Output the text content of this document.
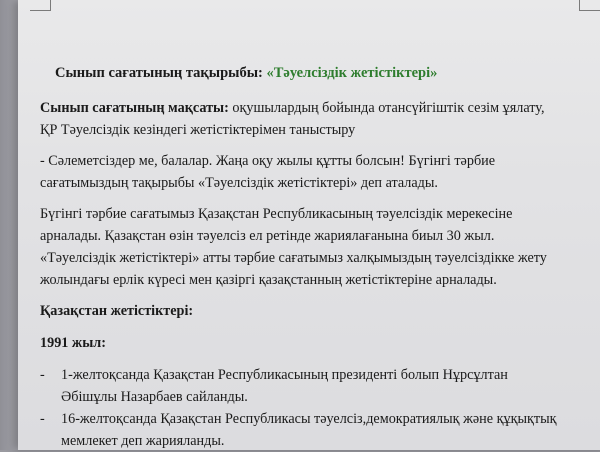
Сынып сағатының тақырыбы: «Тәуелсіздік жетістіктері»

Сынып сағатының мақсаты: оқушылардың бойында отансүйгіштік сезім ұялату, ҚР Тәуелсіздік кезіндегі жетістіктерімен таныстыру

- Сәлеметсіздер ме, балалар. Жаңа оқу жылы құтты болсын! Бүгінгі тәрбие сағатымыздың тақырыбы «Тәуелсіздік жетістіктері» деп аталады.

Бүгінгі тәрбие сағатымыз Қазақстан Республикасының тәуелсіздік мерекесіне арналады. Қазақстан өзін тәуелсіз ел ретінде жариялағанына биыл 30 жыл. «Тәуелсіздік жетістіктері» атты тәрбие сағатымыз халқымыздың тәуелсіздікке жету жолындағы ерлік күресі мен қазіргі қазақстанның жетістіктеріне арналады.

Қазақстан жетістіктері:

1991 жыл:

- 1-желтоқсанда Қазақстан Республикасының президенті болып Нұрсұлтан Әбішұлы Назарбаев сайланды.
- 16-желтоқсанда Қазақстан Республикасы тәуелсіз,демократиялық және құқықтық мемлекет деп жарияланды.
